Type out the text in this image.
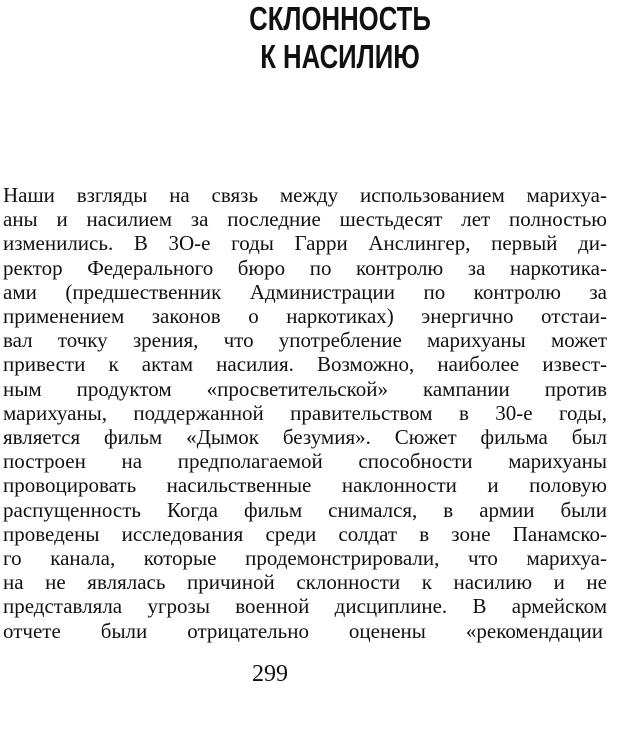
СКЛОННОСТЬ
К НАСИЛИЮ
Наши взгляды на связь между использованием марихуа-
аны и насилием за последние шестьдесят лет полностью
изменились. В 3О-е годы Гарри Анслингер, первый ди-
ректор Федерального бюро по контролю за наркотика-
ами (предшественник Администрации по контролю за
применением законов о наркотиках) энергично отстаи-
вал точку зрения, что употребление марихуаны может
привести к актам насилия. Возможно, наиболее извест-
ным продуктом «просветительской» кампании против
марихуаны, поддержанной правительством в 30-е годы,
является фильм «Дымок безумия». Сюжет фильма был
построен на предполагаемой способности марихуаны
провоцировать насильственные наклонности и половую
распущенность Когда фильм снимался, в армии были
проведены исследования среди солдат в зоне Панамско-
го канала, которые продемонстрировали, что марихуа-
на не являлась причиной склонности к насилию и не
представляла угрозы военной дисциплине. В армейском
отчете были отрицательно оценены «рекомендации
299
